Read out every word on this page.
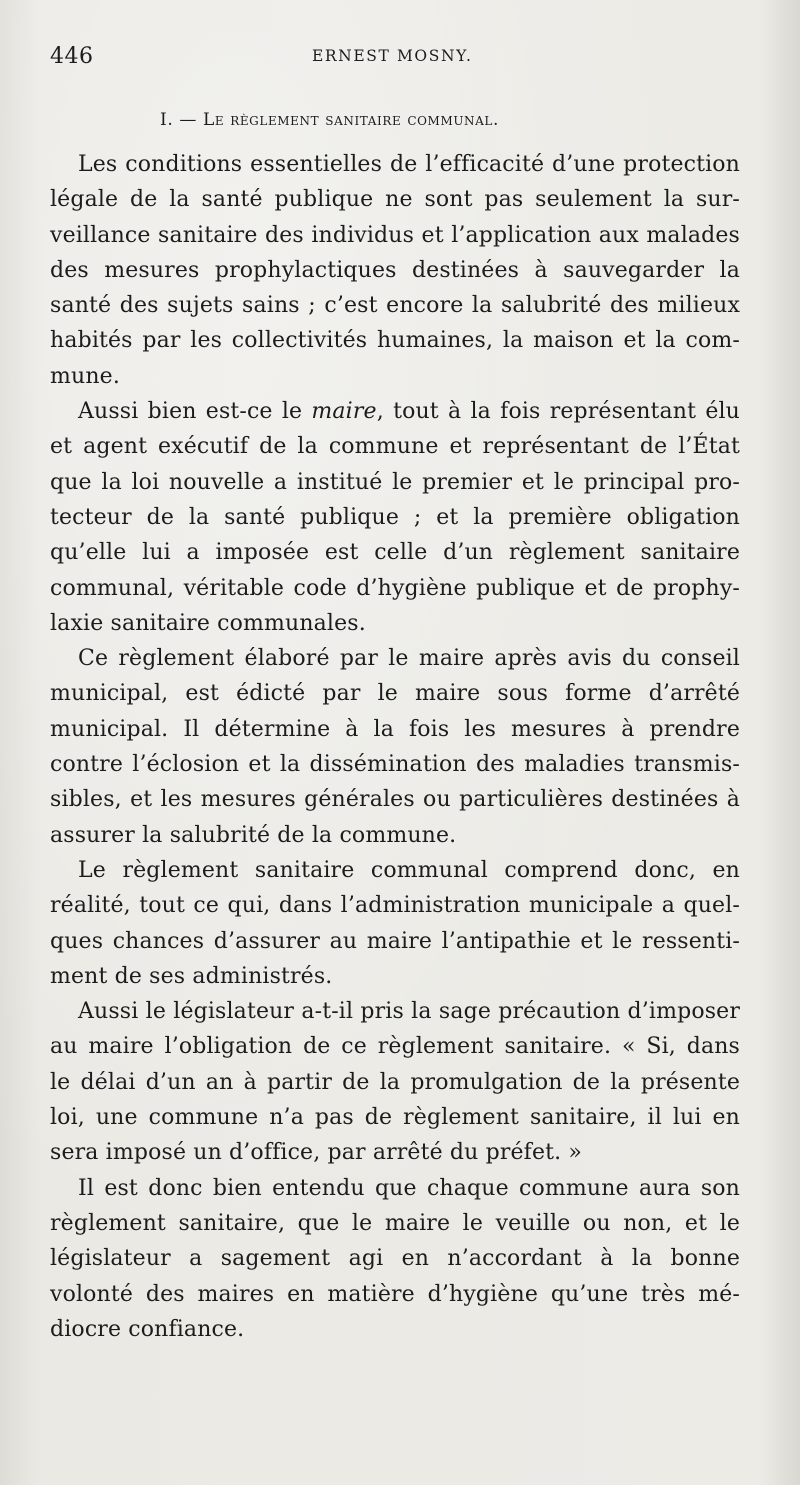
446	ERNEST MOSNY.
I. — Le règlement sanitaire communal.
Les conditions essentielles de l’efficacité d’une protection
légale de la santé publique ne sont pas seulement la sur-
veillance sanitaire des individus et l’application aux malades
des mesures prophylactiques destinées à sauvegarder la
santé des sujets sains ; c’est encore la salubrité des milieux
habités par les collectivités humaines, la maison et la com-
mune.
Aussi bien est-ce le maire, tout à la fois représentant élu
et agent exécutif de la commune et représentant de l’État
que la loi nouvelle a institué le premier et le principal pro-
tecteur de la santé publique ; et la première obligation
qu’elle lui a imposée est celle d’un règlement sanitaire
communal, véritable code d’hygiène publique et de prophy-
laxie sanitaire communales.
Ce règlement élaboré par le maire après avis du conseil
municipal, est édicté par le maire sous forme d’arrêté
municipal. Il détermine à la fois les mesures à prendre
contre l’éclosion et la dissémination des maladies transmis-
sibles, et les mesures générales ou particulières destinées à
assurer la salubrité de la commune.
Le règlement sanitaire communal comprend donc, en
réalité, tout ce qui, dans l’administration municipale a quel-
ques chances d’assurer au maire l’antipathie et le ressenti-
ment de ses administrés.
Aussi le législateur a-t-il pris la sage précaution d’imposer
au maire l’obligation de ce règlement sanitaire. « Si, dans
le délai d’un an à partir de la promulgation de la présente
loi, une commune n’a pas de règlement sanitaire, il lui en
sera imposé un d’office, par arrêté du préfet. »
Il est donc bien entendu que chaque commune aura son
règlement sanitaire, que le maire le veuille ou non, et le
législateur a sagement agi en n’accordant à la bonne
volonté des maires en matière d’hygiène qu’une très mé-
diocre confiance.
